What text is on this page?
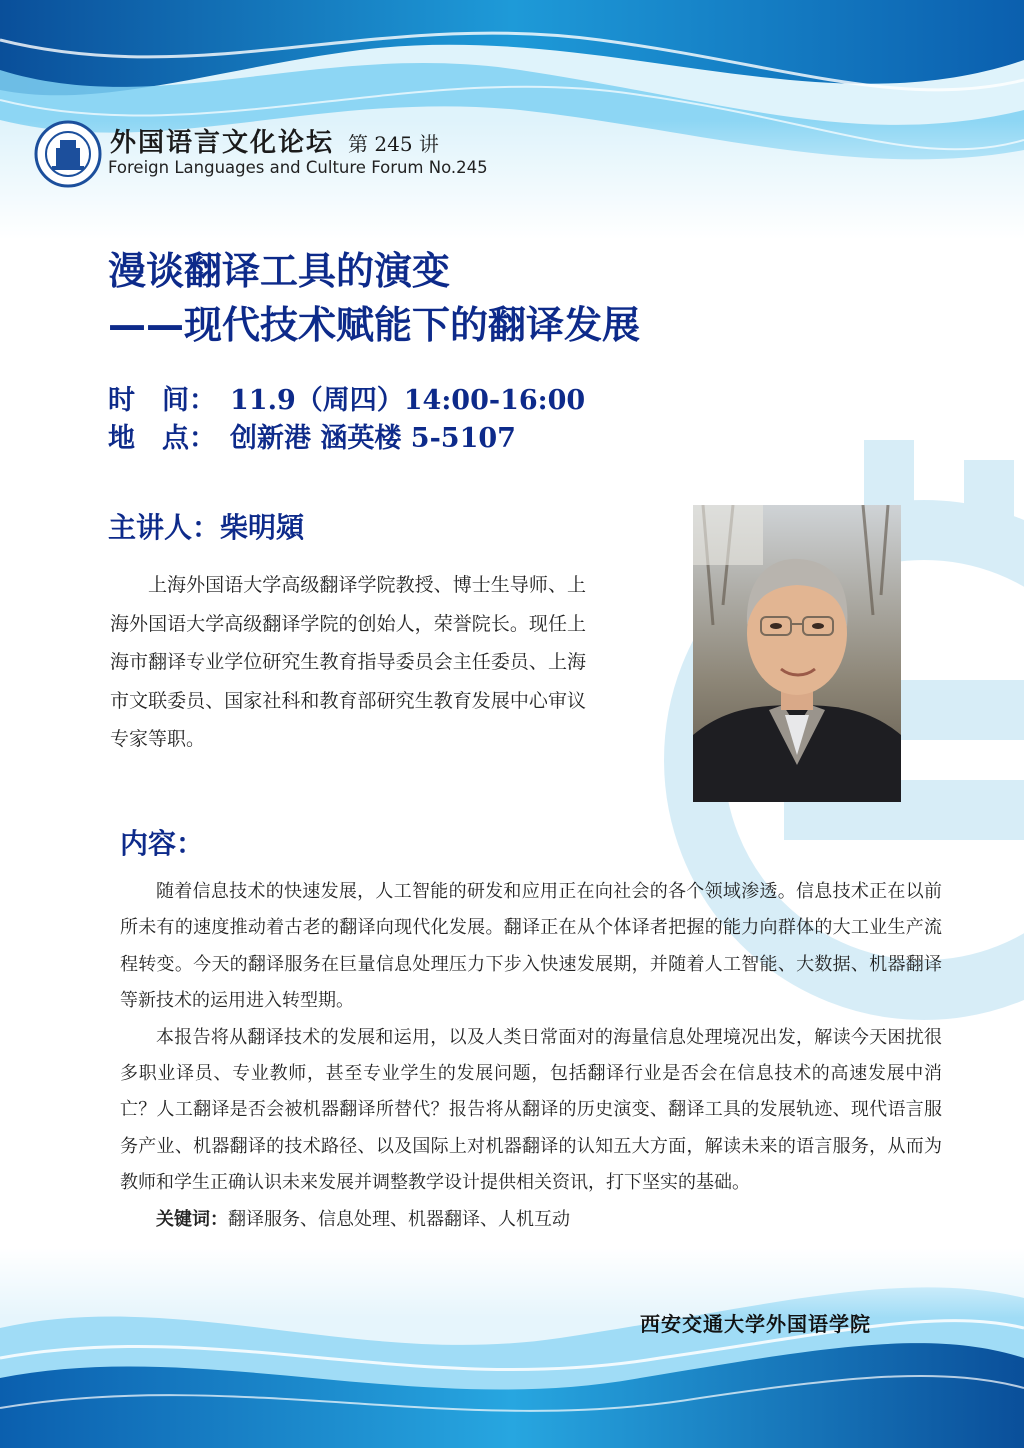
外国语言文化论坛 第 245 讲
Foreign Languages and Culture Forum No.245
漫谈翻译工具的演变
——现代技术赋能下的翻译发展
时　间： 11.9（周四）14:00-16:00
地　点： 创新港 涵英楼 5-5107
主讲人：柴明熲
上海外国语大学高级翻译学院教授、博士生导师、上海外国语大学高级翻译学院的创始人，荣誉院长。现任上海市翻译专业学位研究生教育指导委员会主任委员、上海市文联委员、国家社科和教育部研究生教育发展中心审议专家等职。
内容：

随着信息技术的快速发展，人工智能的研发和应用正在向社会的各个领域渗透。信息技术正在以前所未有的速度推动着古老的翻译向现代化发展。翻译正在从个体译者把握的能力向群体的大工业生产流程转变。今天的翻译服务在巨量信息处理压力下步入快速发展期，并随着人工智能、大数据、机器翻译等新技术的运用进入转型期。

本报告将从翻译技术的发展和运用，以及人类日常面对的海量信息处理境况出发，解读今天困扰很多职业译员、专业教师，甚至专业学生的发展问题，包括翻译行业是否会在信息技术的高速发展中消亡？人工翻译是否会被机器翻译所替代？报告将从翻译的历史演变、翻译工具的发展轨迹、现代语言服务产业、机器翻译的技术路径、以及国际上对机器翻译的认知五大方面，解读未来的语言服务，从而为教师和学生正确认识未来发展并调整教学设计提供相关资讯，打下坚实的基础。

关键词：翻译服务、信息处理、机器翻译、人机互动

西安交通大学外国语学院
